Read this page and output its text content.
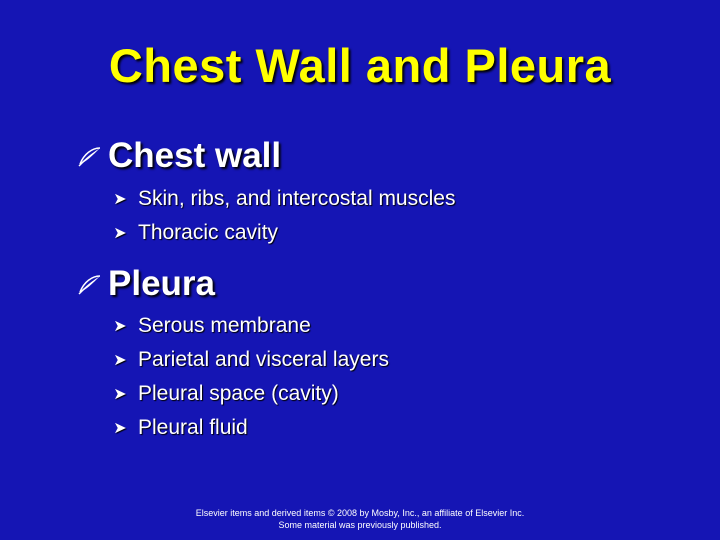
Chest Wall and Pleura
Chest wall
➤ Skin, ribs, and intercostal muscles
➤ Thoracic cavity
Pleura
➤ Serous membrane
➤ Parietal and visceral layers
➤ Pleural space (cavity)
➤ Pleural fluid
Elsevier items and derived items © 2008 by Mosby, Inc., an affiliate of Elsevier Inc.
Some material was previously published.
